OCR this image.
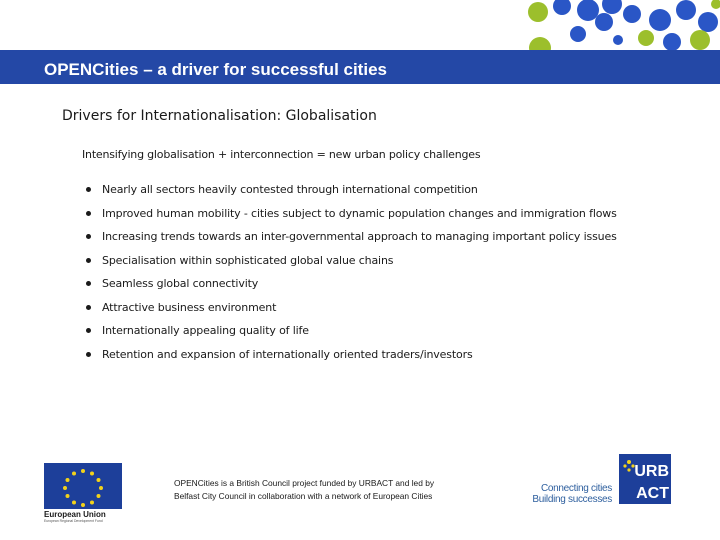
OPENCities – a driver for successful cities
Drivers for Internationalisation: Globalisation
Intensifying globalisation + interconnection = new urban policy challenges
Nearly all sectors heavily contested through international competition
Improved human mobility - cities subject to dynamic population changes and immigration flows
Increasing trends towards an inter-governmental approach to managing important policy issues
Specialisation within sophisticated global value chains
Seamless global connectivity
Attractive business environment
Internationally appealing quality of life
Retention and expansion of internationally oriented traders/investors
European Union
European Regional Development Fund
OPENCities is a British Council project funded by URBACT and led by
Belfast City Council in collaboration with a network of European Cities
Connecting cities
Building successes
URB
ACT
